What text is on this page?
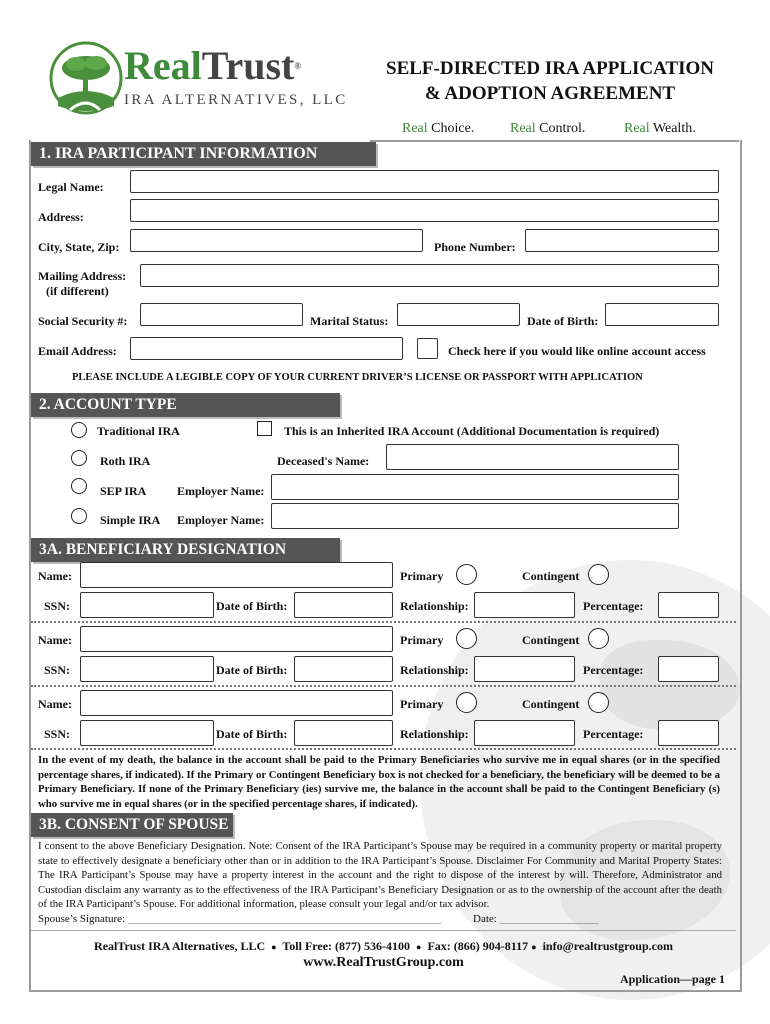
RealTrust®
IRA ALTERNATIVES, LLC
SELF-DIRECTED IRA APPLICATION
& ADOPTION AGREEMENT
Real Choice.	Real Control.	Real Wealth.
1. IRA PARTICIPANT INFORMATION
Legal Name:
Address:
City, State, Zip:	Phone Number:
Mailing Address:
(if different)
Social Security #:	Marital Status:	Date of Birth:
Email Address:	Check here if you would like online account access
PLEASE INCLUDE A LEGIBLE COPY OF YOUR CURRENT DRIVER’S LICENSE OR PASSPORT WITH APPLICATION
2. ACCOUNT TYPE
Traditional IRA	This is an Inherited IRA Account (Additional Documentation is required)
Roth IRA	Deceased's Name:
SEP IRA	Employer Name:
Simple IRA Employer Name:
3A. BENEFICIARY DESIGNATION
Name:	Primary	Contingent
SSN:	Date of Birth:	Relationship:	Percentage:
Name:	Primary	Contingent
SSN:	Date of Birth:	Relationship:	Percentage:
Name:	Primary	Contingent
SSN:	Date of Birth:	Relationship:	Percentage:
In the event of my death, the balance in the account shall be paid to the Primary Beneficiaries who survive me in equal shares (or in the specified percentage shares, if indicated). If the Primary or Contingent Beneficiary box is not checked for a beneficiary, the beneficiary will be deemed to be a Primary Beneficiary. If none of the Primary Beneficiary (ies) survive me, the balance in the account shall be paid to the Contingent Beneficiary (s) who survive me in equal shares (or in the specified percentage shares, if indicated).
3B. CONSENT OF SPOUSE
I consent to the above Beneficiary Designation. Note: Consent of the IRA Participant’s Spouse may be required in a community property or marital property state to effectively designate a beneficiary other than or in addition to the IRA Participant’s Spouse. Disclaimer For Community and Marital Property States: The IRA Participant’s Spouse may have a property interest in the account and the right to dispose of the interest by will. Therefore, Administrator and Custodian disclaim any warranty as to the effectiveness of the IRA Participant’s Beneficiary Designation or as to the ownership of the account after the death of the IRA Participant’s Spouse. For additional information, please consult your legal and/or tax advisor.
Spouse’s Signature: _________________________________________________________	Date: __________________
RealTrust IRA Alternatives, LLC ● Toll Free: (877) 536-4100 ● Fax: (866) 904-8117 ● info@realtrustgroup.com
www.RealTrustGroup.com
Application—page 1
